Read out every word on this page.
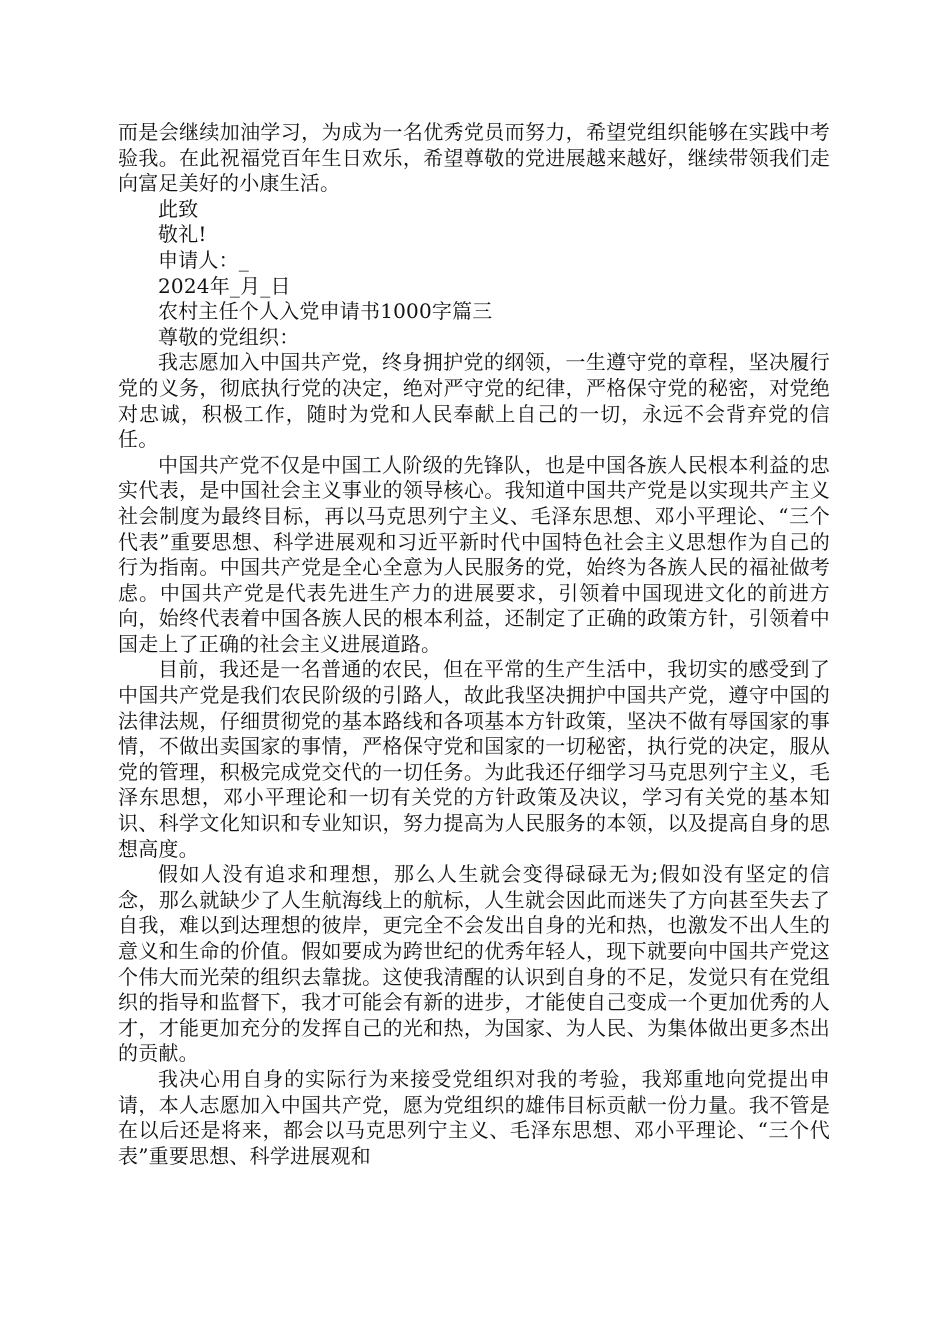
而是会继续加油学习，为成为一名优秀党员而努力，希望党组织能够在实践中考验我。在此祝福党百年生日欢乐，希望尊敬的党进展越来越好，继续带领我们走向富足美好的小康生活。

此致

敬礼!

申请人：_

2024年_月_日

农村主任个人入党申请书1000字篇三

尊敬的党组织：

我志愿加入中国共产党，终身拥护党的纲领，一生遵守党的章程，坚决履行党的义务，彻底执行党的决定，绝对严守党的纪律，严格保守党的秘密，对党绝对忠诚，积极工作，随时为党和人民奉献上自己的一切，永远不会背弃党的信任。

中国共产党不仅是中国工人阶级的先锋队，也是中国各族人民根本利益的忠实代表，是中国社会主义事业的领导核心。我知道中国共产党是以实现共产主义社会制度为最终目标，再以马克思列宁主义、毛泽东思想、邓小平理论、“三个代表”重要思想、科学进展观和习近平新时代中国特色社会主义思想作为自己的行为指南。中国共产党是全心全意为人民服务的党，始终为各族人民的福祉做考虑。中国共产党是代表先进生产力的进展要求，引领着中国现进文化的前进方向，始终代表着中国各族人民的根本利益，还制定了正确的政策方针，引领着中国走上了正确的社会主义进展道路。

目前，我还是一名普通的农民，但在平常的生产生活中，我切实的感受到了中国共产党是我们农民阶级的引路人，故此我坚决拥护中国共产党，遵守中国的法律法规，仔细贯彻党的基本路线和各项基本方针政策，坚决不做有辱国家的事情，不做出卖国家的事情，严格保守党和国家的一切秘密，执行党的决定，服从党的管理，积极完成党交代的一切任务。为此我还仔细学习马克思列宁主义，毛泽东思想，邓小平理论和一切有关党的方针政策及决议，学习有关党的基本知识、科学文化知识和专业知识，努力提高为人民服务的本领，以及提高自身的思想高度。

假如人没有追求和理想，那么人生就会变得碌碌无为;假如没有坚定的信念，那么就缺少了人生航海线上的航标，人生就会因此而迷失了方向甚至失去了自我，难以到达理想的彼岸，更完全不会发出自身的光和热，也激发不出人生的意义和生命的价值。假如要成为跨世纪的优秀年轻人，现下就要向中国共产党这个伟大而光荣的组织去靠拢。这使我清醒的认识到自身的不足，发觉只有在党组织的指导和监督下，我才可能会有新的进步，才能使自己变成一个更加优秀的人才，才能更加充分的发挥自己的光和热，为国家、为人民、为集体做出更多杰出的贡献。

我决心用自身的实际行为来接受党组织对我的考验，我郑重地向党提出申请，本人志愿加入中国共产党，愿为党组织的雄伟目标贡献一份力量。我不管是在以后还是将来，都会以马克思列宁主义、毛泽东思想、邓小平理论、“三个代表”重要思想、科学进展观和
